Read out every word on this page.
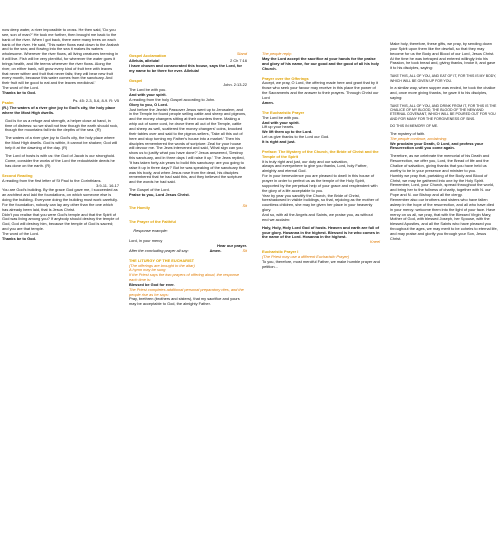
now deep water, a river impossible to cross. He then said, 'Do you see, son of man?' He took me further, then brought me back to the bank of the river. When I got back, there were many trees on each bank of the river. He said, 'This water flows east down to the Arabah and to the sea; and flowing into the sea it makes its waters wholesome. Wherever the river flows, all living creatures teeming in it will live. Fish will be very plentiful, for wherever the water goes it brings health, and life teems wherever the river flows. Along the river, on either bank, will grow every kind of fruit tree with leaves that never wither and fruit that never fails; they will bear new fruit every month, because this water comes from the sanctuary. And their fruit will be good to eat and the leaves medicinal.'
The word of the Lord.
Thanks be to God.
Psalm	Ps. 45: 2-3, 5-6, 8-9. R: V5
(R.) The waters of a river give joy to God's city, the holy place where the Most High dwells.
God is for us a refuge and strength, a helper close at hand, in time of distress: so we shall not fear though the earth should rock, though the mountains fall into the depths of the sea. (R)
The waters of a river give joy to God's city, the holy place where the Most High dwells. God is within, it cannot be shaken; God will help it at the dawning of the day. (R)
The Lord of hosts is with us: the God of Jacob is our stronghold. Come, consider the works of the Lord the redoubtable deeds he has done on the earth. (R)
Second Reading
A reading from the first letter of St Paul to the Corinthians.
3:9-11. 16-17
You are God's building. By the grace God gave me, I succeeded as an architect and laid the foundations, on which someone else is doing the building. Everyone doing the building must work carefully. For the foundation, nobody can lay any other than the one which has already been laid, that is Jesus Christ.
Didn't you realise that you were God's temple and that the Spirit of God was living among you? If anybody should destroy the temple of God, God will destroy him, because the temple of God is sacred; and you are that temple.
The word of the Lord.
Thanks be to God.
Gospel Acclamation	Stand
Alleluia, alleluia!	2 Ch 7:16
I have chosen and consecrated this house, says the Lord, for my name to be there for ever. Alleluia!
Gospel
John. 2:13-22
The Lord be with you.
And with your spirit.
A reading from the holy Gospel according to John.
Glory to you, O Lord.
Just before the Jewish Passover Jesus went up to Jerusalem, and in the Temple he found people selling cattle and sheep and pigeons, and the money changers sitting at their counters there. Making a whip out of some cord, he drove them all out of the Temple, cattle and sheep as well, scattered the money changers' coins, knocked their tables over and said to the pigeon-sellers, 'Take all this out of here and stop turning my Father's house into a market.' Then his disciples remembered the words of scripture: Zeal for your house will devour me. The Jews intervened and said, 'What sign can you show us to justify what you have done?' Jesus answered, 'Destroy this sanctuary, and in three days I will raise it up.' The Jews replied, 'It has taken forty-six years to build this sanctuary: are you going to raise it up in three days?' But he was speaking of the sanctuary that was his body, and when Jesus rose from the dead, his disciples remembered that he had said this, and they believed the scripture and the words he had said.
The Gospel of the Lord.
Praise to you, Lord Jesus Christ.
The Homily	Sit
The Prayer of the Faithful

Response example:

Lord, in your mercy
Hear our prayer.
After the concluding prayer all say:	Amen.	Sit
THE LITURGY OF THE EUCHARIST
(The offerings are brought to the altar)
A hymn may be sung
If the Priest says the two prayers of offering aloud, the response each time is:
Blessed be God for ever.
The Priest completes additional personal preparatory rites, and the people rise as he says:
Pray, brethren (brothers and sisters), that my sacrifice and yours may be acceptable to God, the almighty Father.
The people reply:
May the Lord accept the sacrifice at your hands for the praise and glory of his name, for our good and the good of all his holy Church.
Prayer over the Offerings
Accept, we pray, O Lord, the offering made here and grant that by it those who seek your favour may receive in this place the power of the Sacraments and the answer to their prayers. Through Christ our Lord
Amen.
The Eucharistic Prayer
The Lord be with you.
And with your spirit.
Lift up your hearts.
We lift them up to the Lord.
Let us give thanks to the Lord our God.
It is right and just.
Preface: The Mystery of the Church, the Bride of Christ and the Temple of the Spirit
It is truly right and just, our duty and our salvation,
always and everywhere to give you thanks, Lord, holy Father, almighty and eternal God.
For in your benevolence you are pleased to dwell in this house of prayer in order to perfect us as the temple of the Holy Spirit, supported by the perpetual help of your grace and resplendent with the glory of a life acceptable to you.
Year by year you sanctify the Church, the Bride of Christ, foreshadowed in visible buildings, so that, rejoicing as the mother of countless children, she may be given her place in your heavenly glory.
And so, with all the Angels and Saints, we praise you, as without end we acclaim:
Holy, Holy, Holy Lord God of hosts. Heaven and earth are full of your glory. Hosanna in the highest. Blessed is he who comes in the name of the Lord. Hosanna in the highest.
Kneel
Eucharistic Prayer I
(The Priest may use a different Eucharistic Prayer)
To you, therefore, most merciful Father, we make humble prayer and petition...
Make holy, therefore, these gifts, we pray, by sending down your Spirit upon them like the dewfall, so that they may become for us the Body and Blood of our Lord, Jesus Christ.
At the time he was betrayed and entered willingly into his Passion, he took bread and, giving thanks, broke it, and gave it to his disciples, saying:
TAKE THIS, ALL OF YOU, AND EAT OF IT, FOR THIS IS MY BODY, WHICH WILL BE GIVEN UP FOR YOU.
In a similar way, when supper was ended, he took the chalice and, once more giving thanks, he gave it to his disciples, saying:
TAKE THIS, ALL OF YOU, AND DRINK FROM IT, FOR THIS IS THE CHALICE OF MY BLOOD, THE BLOOD OF THE NEW AND ETERNAL COVENANT, WHICH WILL BE POURED OUT FOR YOU AND FOR MANY FOR THE FORGIVENESS OF SINS.
DO THIS IN MEMORY OF ME.
The mystery of faith.
The people continue, acclaiming:
We proclaim your Death, O Lord, and profess your Resurrection until you come again.
Therefore, as we celebrate the memorial of his Death and Resurrection, we offer you, Lord, the Bread of life and the Chalice of salvation, giving thanks that you have held us worthy to be in your presence and minister to you.
Humbly we pray that, partaking of the Body and Blood of Christ, we may be gathered into one by the Holy Spirit.
Remember, Lord, your Church, spread throughout the world, and bring her to the fullness of charity, together with N. our Pope and N. our Bishop and all the clergy.
Remember also our brothers and sisters who have fallen asleep in the hope of the resurrection, and all who have died in your mercy: welcome them into the light of your face. Have mercy on us all, we pray, that with the Blessed Virgin Mary, Mother of God, with blessed Joseph, her Spouse, with the blessed Apostles, and all the Saints who have pleased you throughout the ages, we may merit to be coheirs to eternal life, and may praise and glorify you through your Son, Jesus Christ.
